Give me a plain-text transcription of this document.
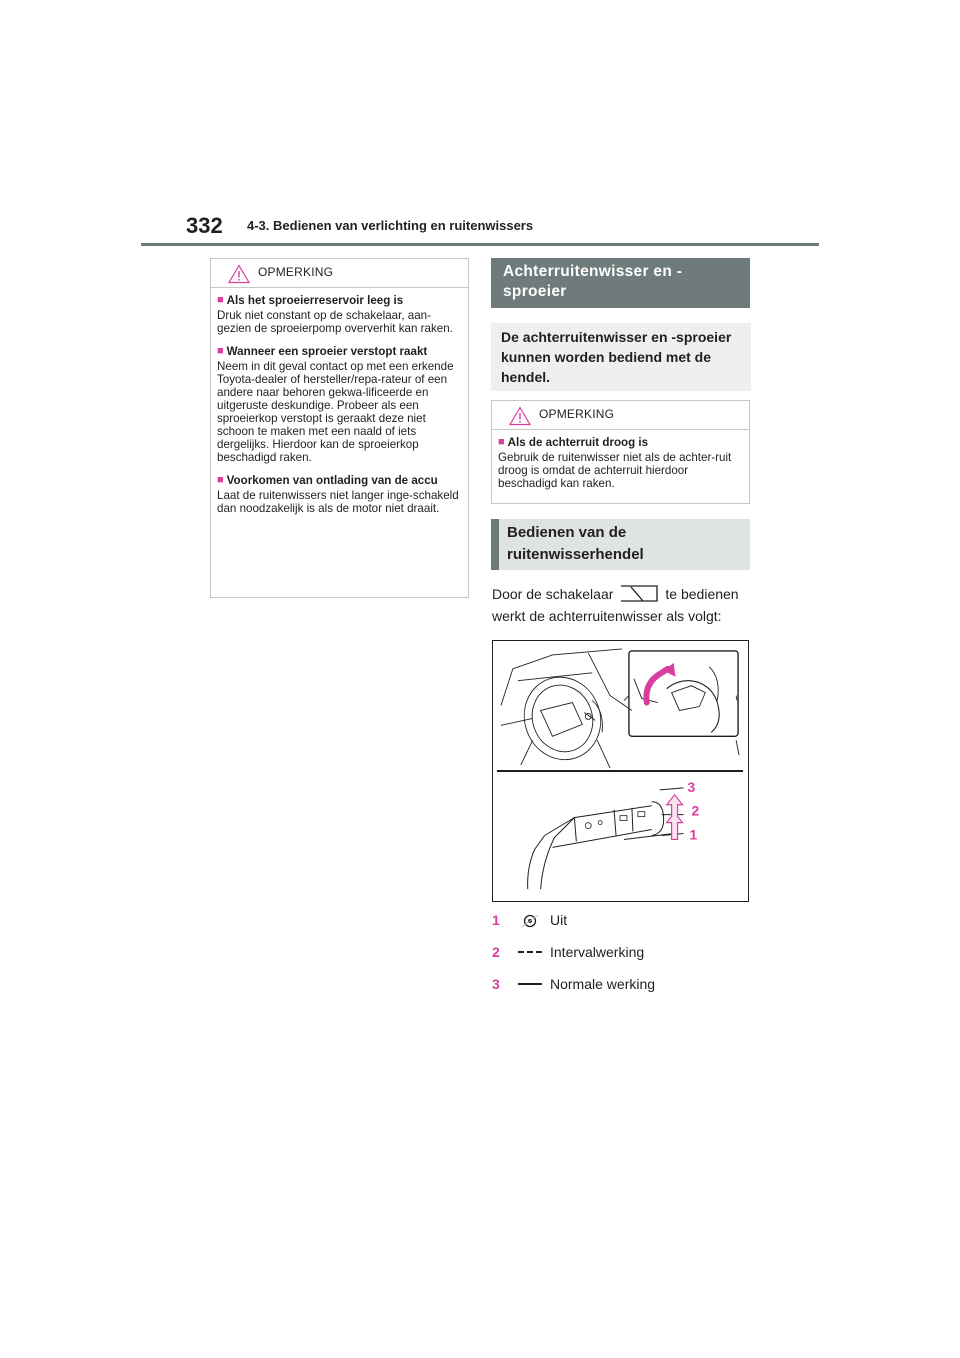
332 4-3. Bedienen van verlichting en ruitenwissers
OPMERKING
■ Als het sproeierreservoir leeg is
Druk niet constant op de schakelaar, aan-gezien de sproeierpomp oververhit kan raken.
■ Wanneer een sproeier verstopt raakt
Neem in dit geval contact op met een erkende Toyota-dealer of hersteller/repa-rateur of een andere naar behoren gekwa-lificeerde en uitgeruste deskundige. Probeer als een sproeierkop verstopt is geraakt deze niet schoon te maken met een naald of iets dergelijks. Hierdoor kan de sproeierkop beschadigd raken.
■ Voorkomen van ontlading van de accu
Laat de ruitenwissers niet langer inge-schakeld dan noodzakelijk is als de motor niet draait.
Achterruitenwisser en -sproeier
De achterruitenwisser en -sproeier kunnen worden bediend met de hendel.
OPMERKING
■ Als de achterruit droog is
Gebruik de ruitenwisser niet als de achter-ruit droog is omdat de achterruit hierdoor beschadigd kan raken.
Bedienen van de ruitenwisserhendel
Door de schakelaar	te bedienen werkt de achterruitenwisser als volgt:
3
2
1
1	Uit
2	Intervalwerking
3	Normale werking
